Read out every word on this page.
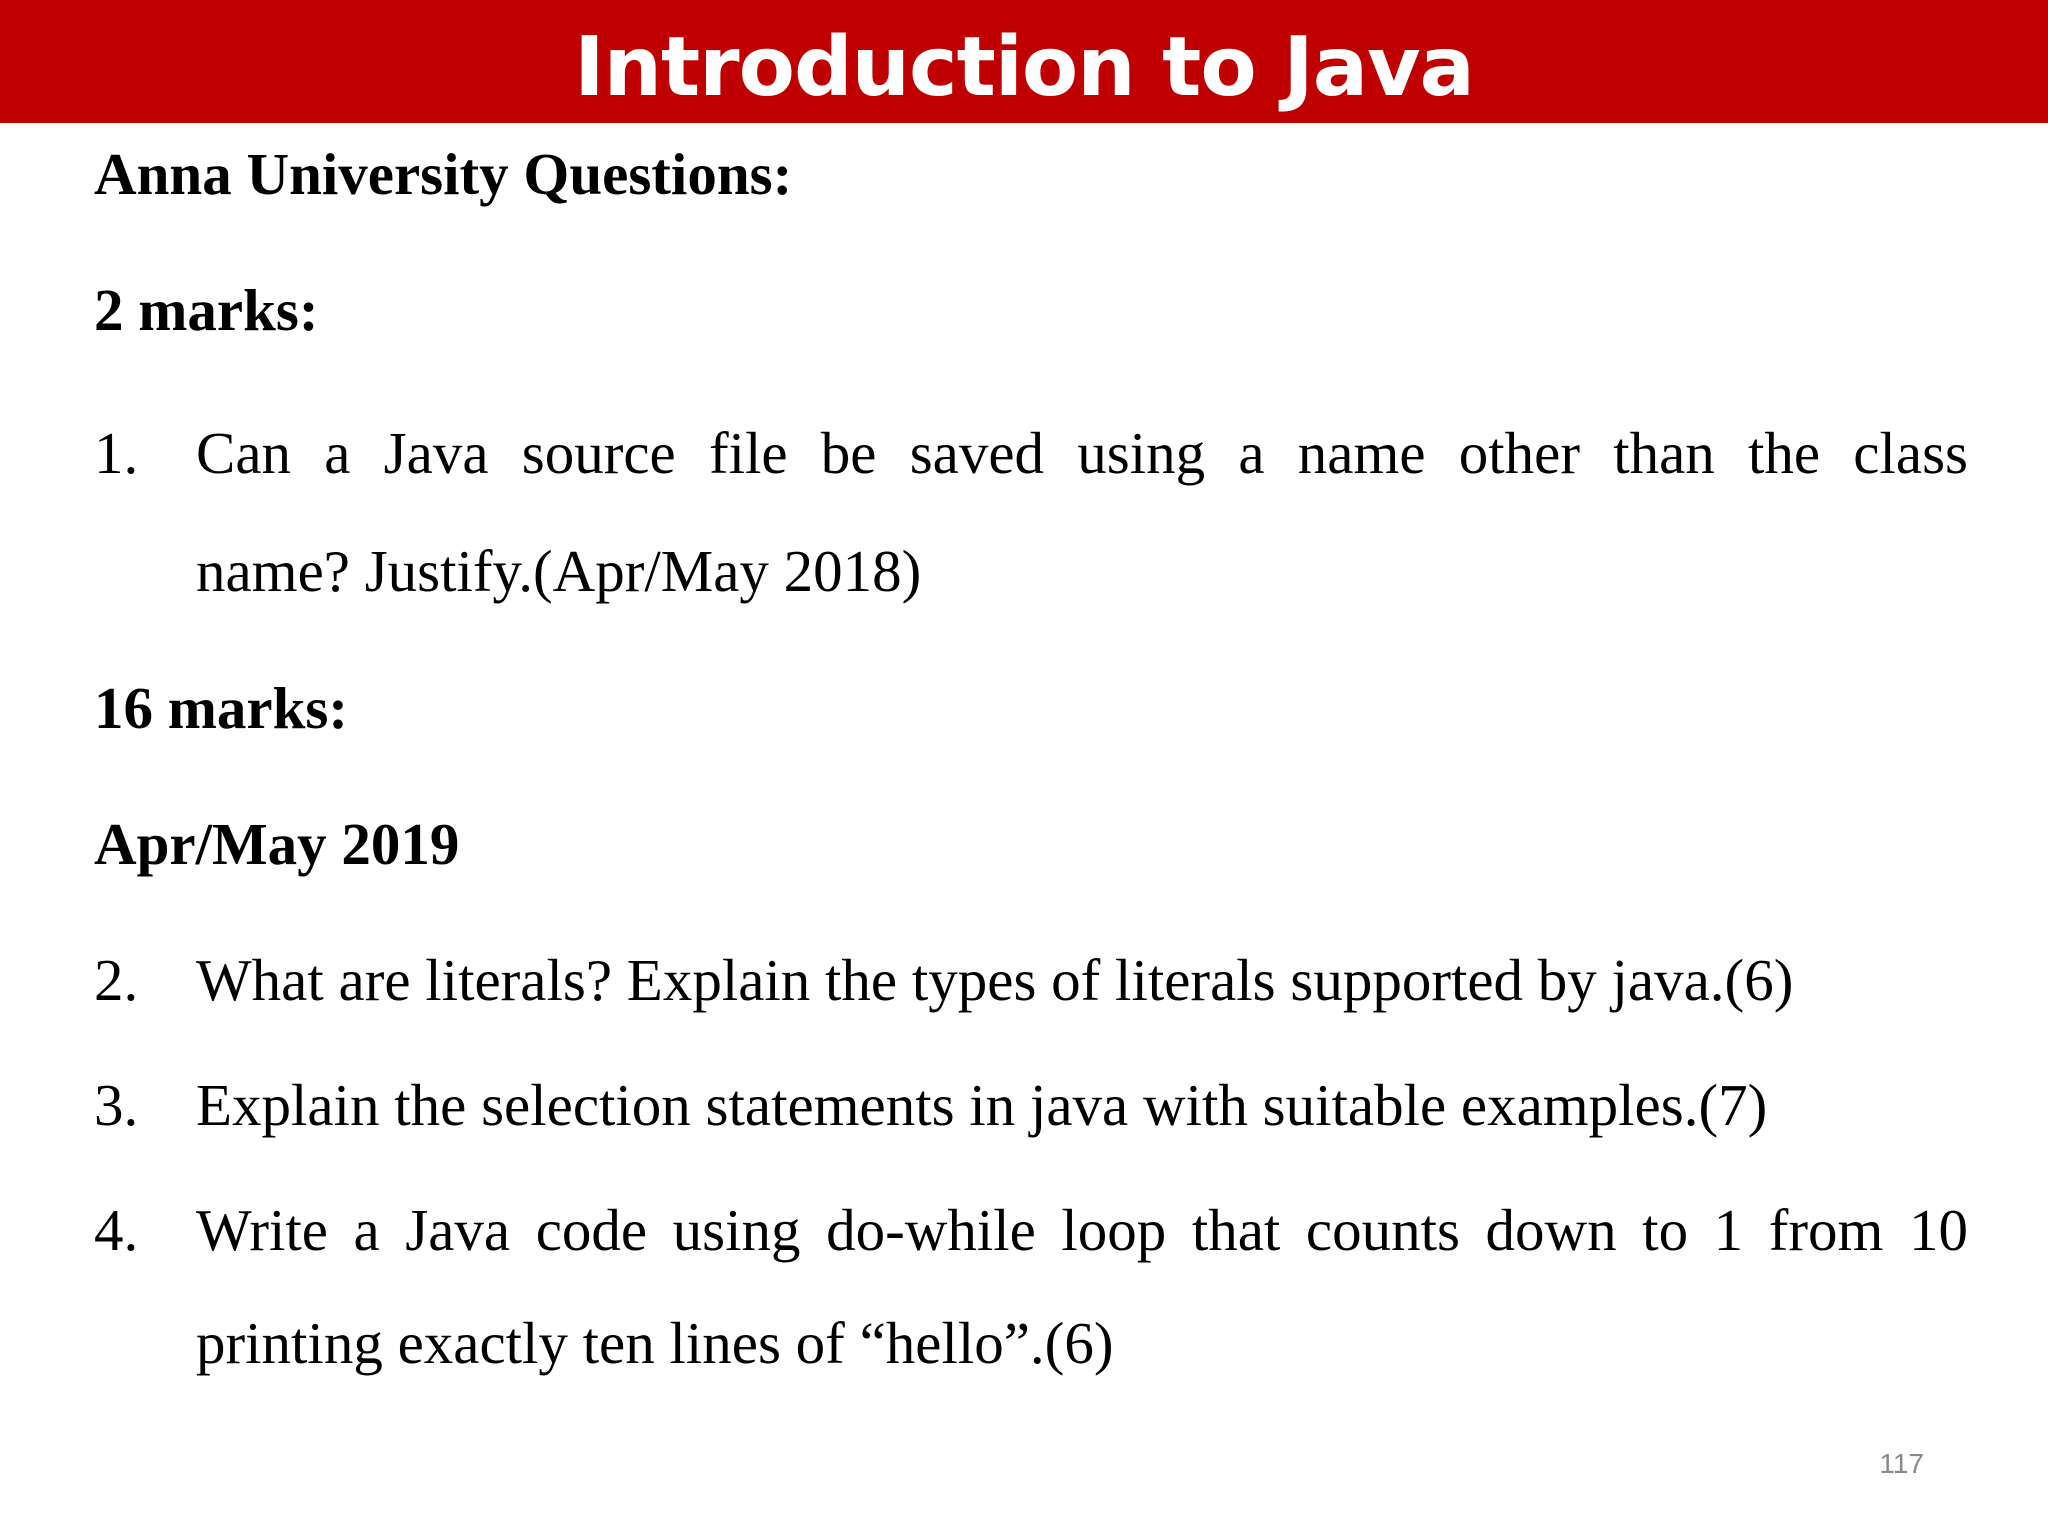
Introduction to Java
Anna University Questions:
2 marks:
1. Can a Java source file be saved using a name other than the class
name? Justify.(Apr/May 2018)
16 marks:
Apr/May 2019
2. What are literals? Explain the types of literals supported by java.(6)
3. Explain the selection statements in java with suitable examples.(7)
4. Write a Java code using do-while loop that counts down to 1 from 10
printing exactly ten lines of “hello”.(6)
117
